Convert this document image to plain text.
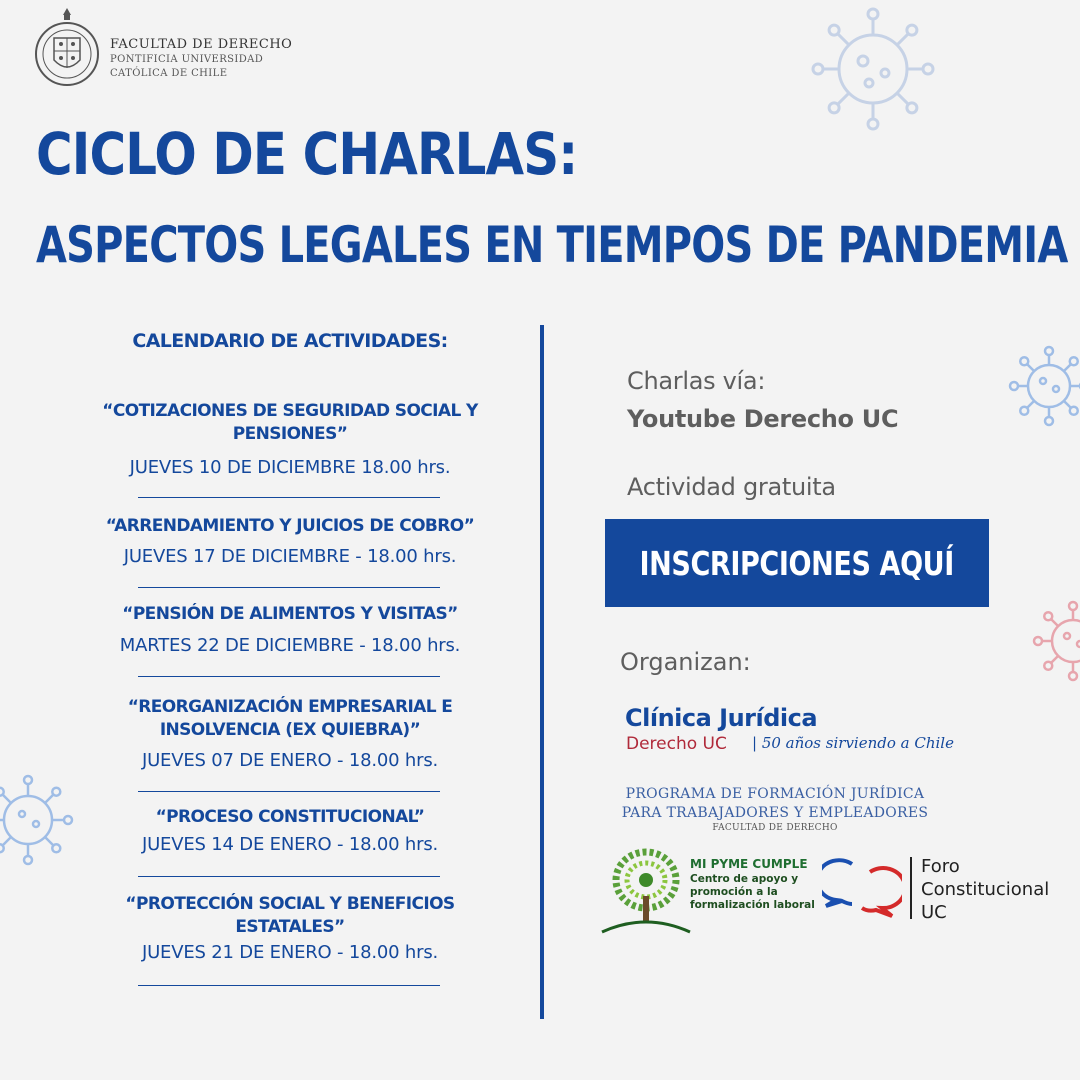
FACULTAD DE DERECHO
PONTIFICIA UNIVERSIDAD
CATÓLICA DE CHILE
CICLO DE CHARLAS:
ASPECTOS LEGALES EN TIEMPOS DE PANDEMIA
CALENDARIO DE ACTIVIDADES:
“COTIZACIONES DE SEGURIDAD SOCIAL Y
PENSIONES”
JUEVES 10 DE DICIEMBRE 18.00 hrs.
“ARRENDAMIENTO Y JUICIOS DE COBRO”
JUEVES 17 DE DICIEMBRE - 18.00 hrs.
“PENSIÓN DE ALIMENTOS Y VISITAS”
MARTES 22 DE DICIEMBRE - 18.00 hrs.
“REORGANIZACIÓN EMPRESARIAL E
INSOLVENCIA (EX QUIEBRA)”
JUEVES 07 DE ENERO - 18.00 hrs.
“PROCESO CONSTITUCIONAL”
JUEVES 14 DE ENERO - 18.00 hrs.
“PROTECCIÓN SOCIAL Y BENEFICIOS
ESTATALES”
JUEVES 21 DE ENERO - 18.00 hrs.
Charlas vía:
Youtube Derecho UC
Actividad gratuita
INSCRIPCIONES AQUÍ
Organizan:
Clínica Jurídica
Derecho UC | 50 años sirviendo a Chile
PROGRAMA DE FORMACIÓN JURÍDICA
PARA TRABAJADORES Y EMPLEADORES
FACULTAD DE DERECHO
MI PYME CUMPLE
Centro de apoyo y
promoción a la
formalización laboral
Foro
Constitucional
UC
